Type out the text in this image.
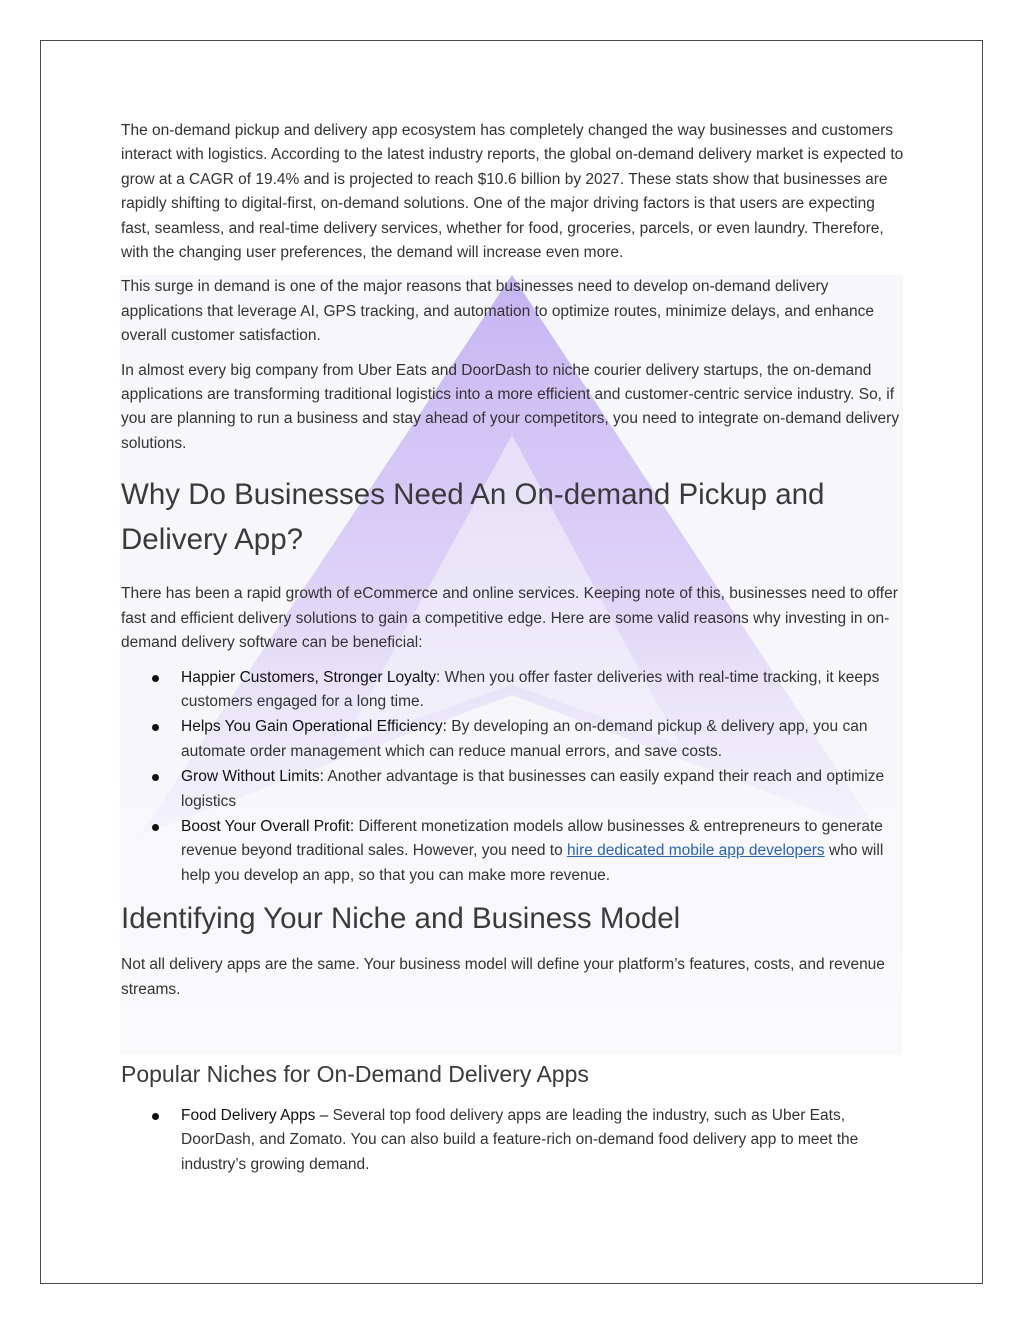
The on-demand pickup and delivery app ecosystem has completely changed the way businesses and customers interact with logistics. According to the latest industry reports, the global on-demand delivery market is expected to grow at a CAGR of 19.4% and is projected to reach $10.6 billion by 2027. These stats show that businesses are rapidly shifting to digital-first, on-demand solutions. One of the major driving factors is that users are expecting fast, seamless, and real-time delivery services, whether for food, groceries, parcels, or even laundry. Therefore, with the changing user preferences, the demand will increase even more.

This surge in demand is one of the major reasons that businesses need to develop on-demand delivery applications that leverage AI, GPS tracking, and automation to optimize routes, minimize delays, and enhance overall customer satisfaction.

In almost every big company from Uber Eats and DoorDash to niche courier delivery startups, the on-demand applications are transforming traditional logistics into a more efficient and customer-centric service industry. So, if you are planning to run a business and stay ahead of your competitors, you need to integrate on-demand delivery solutions.

Why Do Businesses Need An On-demand Pickup and Delivery App?

There has been a rapid growth of eCommerce and online services. Keeping note of this, businesses need to offer fast and efficient delivery solutions to gain a competitive edge. Here are some valid reasons why investing in on-demand delivery software can be beneficial:

Happier Customers, Stronger Loyalty: When you offer faster deliveries with real-time tracking, it keeps customers engaged for a long time.
Helps You Gain Operational Efficiency: By developing an on-demand pickup & delivery app, you can automate order management which can reduce manual errors, and save costs.
Grow Without Limits: Another advantage is that businesses can easily expand their reach and optimize logistics
Boost Your Overall Profit: Different monetization models allow businesses & entrepreneurs to generate revenue beyond traditional sales. However, you need to hire dedicated mobile app developers who will help you develop an app, so that you can make more revenue.
Identifying Your Niche and Business Model

Not all delivery apps are the same. Your business model will define your platform’s features, costs, and revenue streams.

Popular Niches for On-Demand Delivery Apps
Food Delivery Apps – Several top food delivery apps are leading the industry, such as Uber Eats, DoorDash, and Zomato. You can also build a feature-rich on-demand food delivery app to meet the industry’s growing demand.
